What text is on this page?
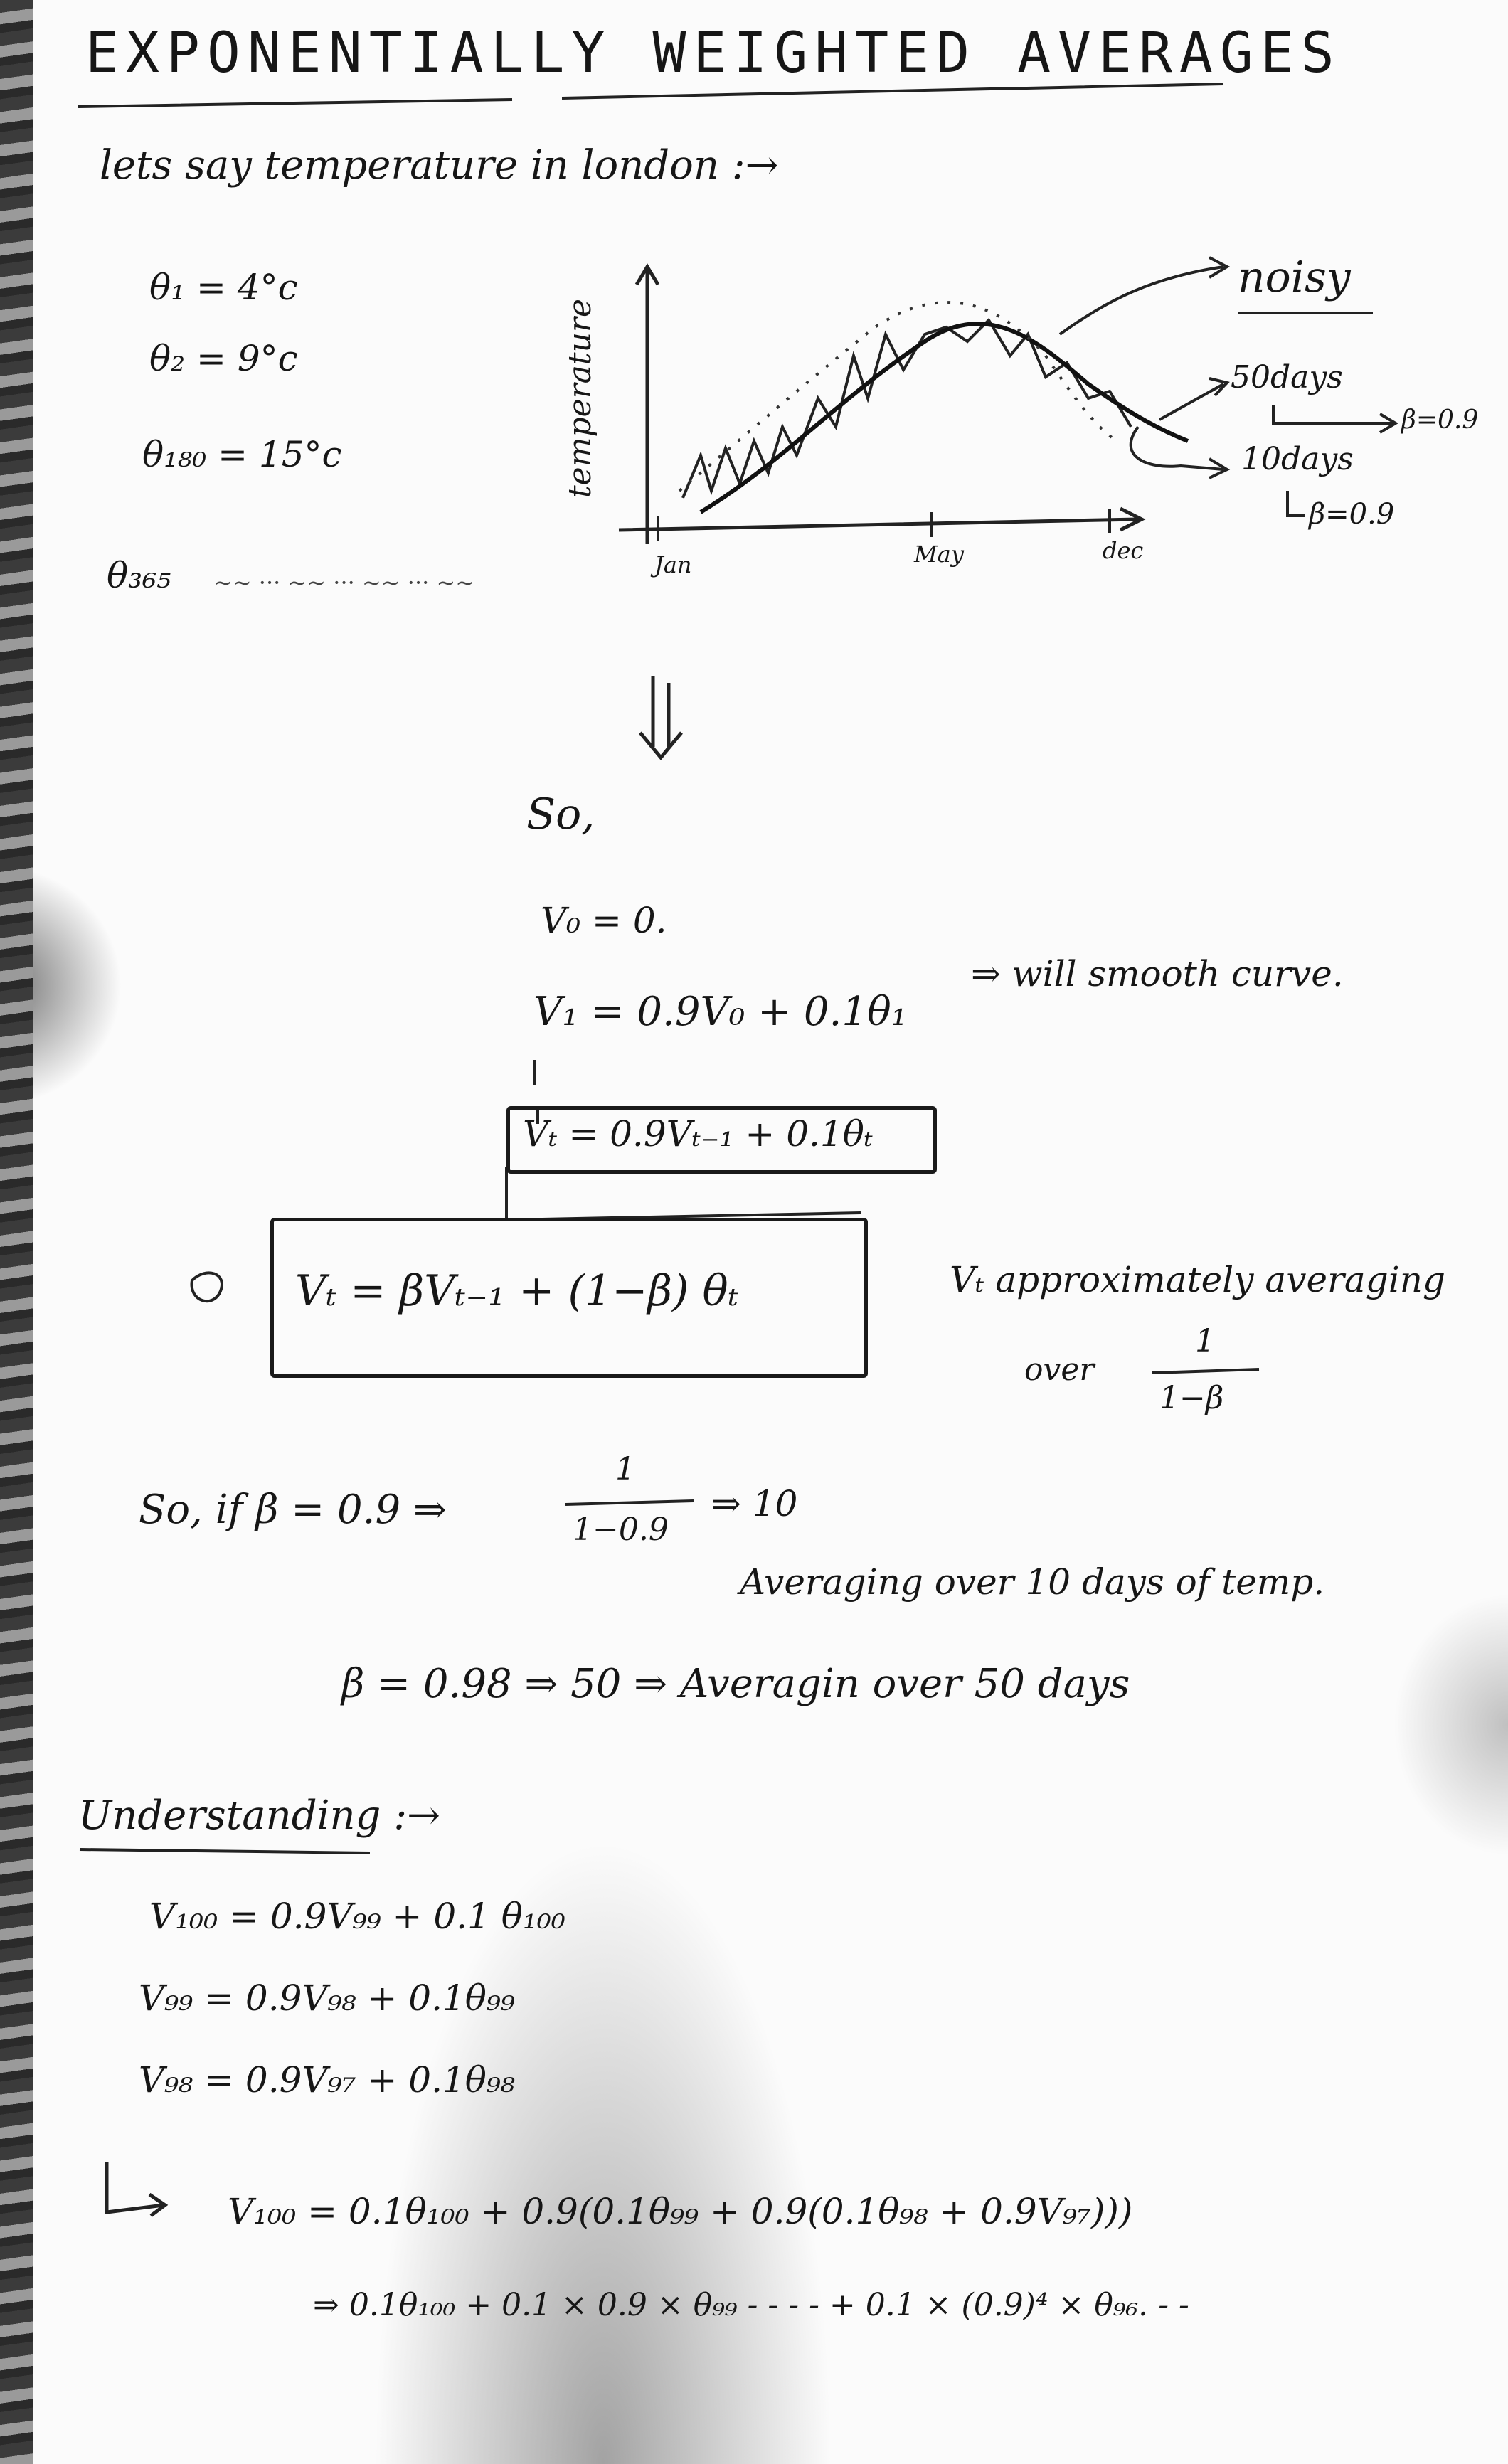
EXPONENTIALLY WEIGHTED AVERAGES
lets say temperature in london :→
θ₁ = 4°c
θ₂ = 9°c
θ₁₈₀ = 15°c
θ₃₆₅ ~~ ··· ~~ ··· ~~ ··· ~~
temperature
Jan	May	dec
noisy
50days
β=0.9
10days
β=0.9
So,
V₀ = 0.
V₁ = 0.9V₀ + 0.1θ₁
⇒ will smooth curve.
Vₜ = 0.9Vₜ₋₁ + 0.1θₜ
Vₜ = βVₜ₋₁ + (1−β) θₜ	Vₜ approximately averaging
over
1
1−β
So, if β = 0.9 ⇒
1
1−0.9
⇒ 10
Averaging over 10 days of temp.
β = 0.98 ⇒ 50 ⇒ Averagin over 50 days
Understanding :→
V₁₀₀ = 0.9V₉₉ + 0.1 θ₁₀₀
V₉₉ = 0.9V₉₈ + 0.1θ₉₉
V₉₈ = 0.9V₉₇ + 0.1θ₉₈
V₁₀₀ = 0.1θ₁₀₀ + 0.9(0.1θ₉₉ + 0.9(0.1θ₉₈ + 0.9V₉₇)))
⇒ 0.1θ₁₀₀ + 0.1 × 0.9 × θ₉₉ - - - - + 0.1 × (0.9)⁴ × θ₉₆. - -
